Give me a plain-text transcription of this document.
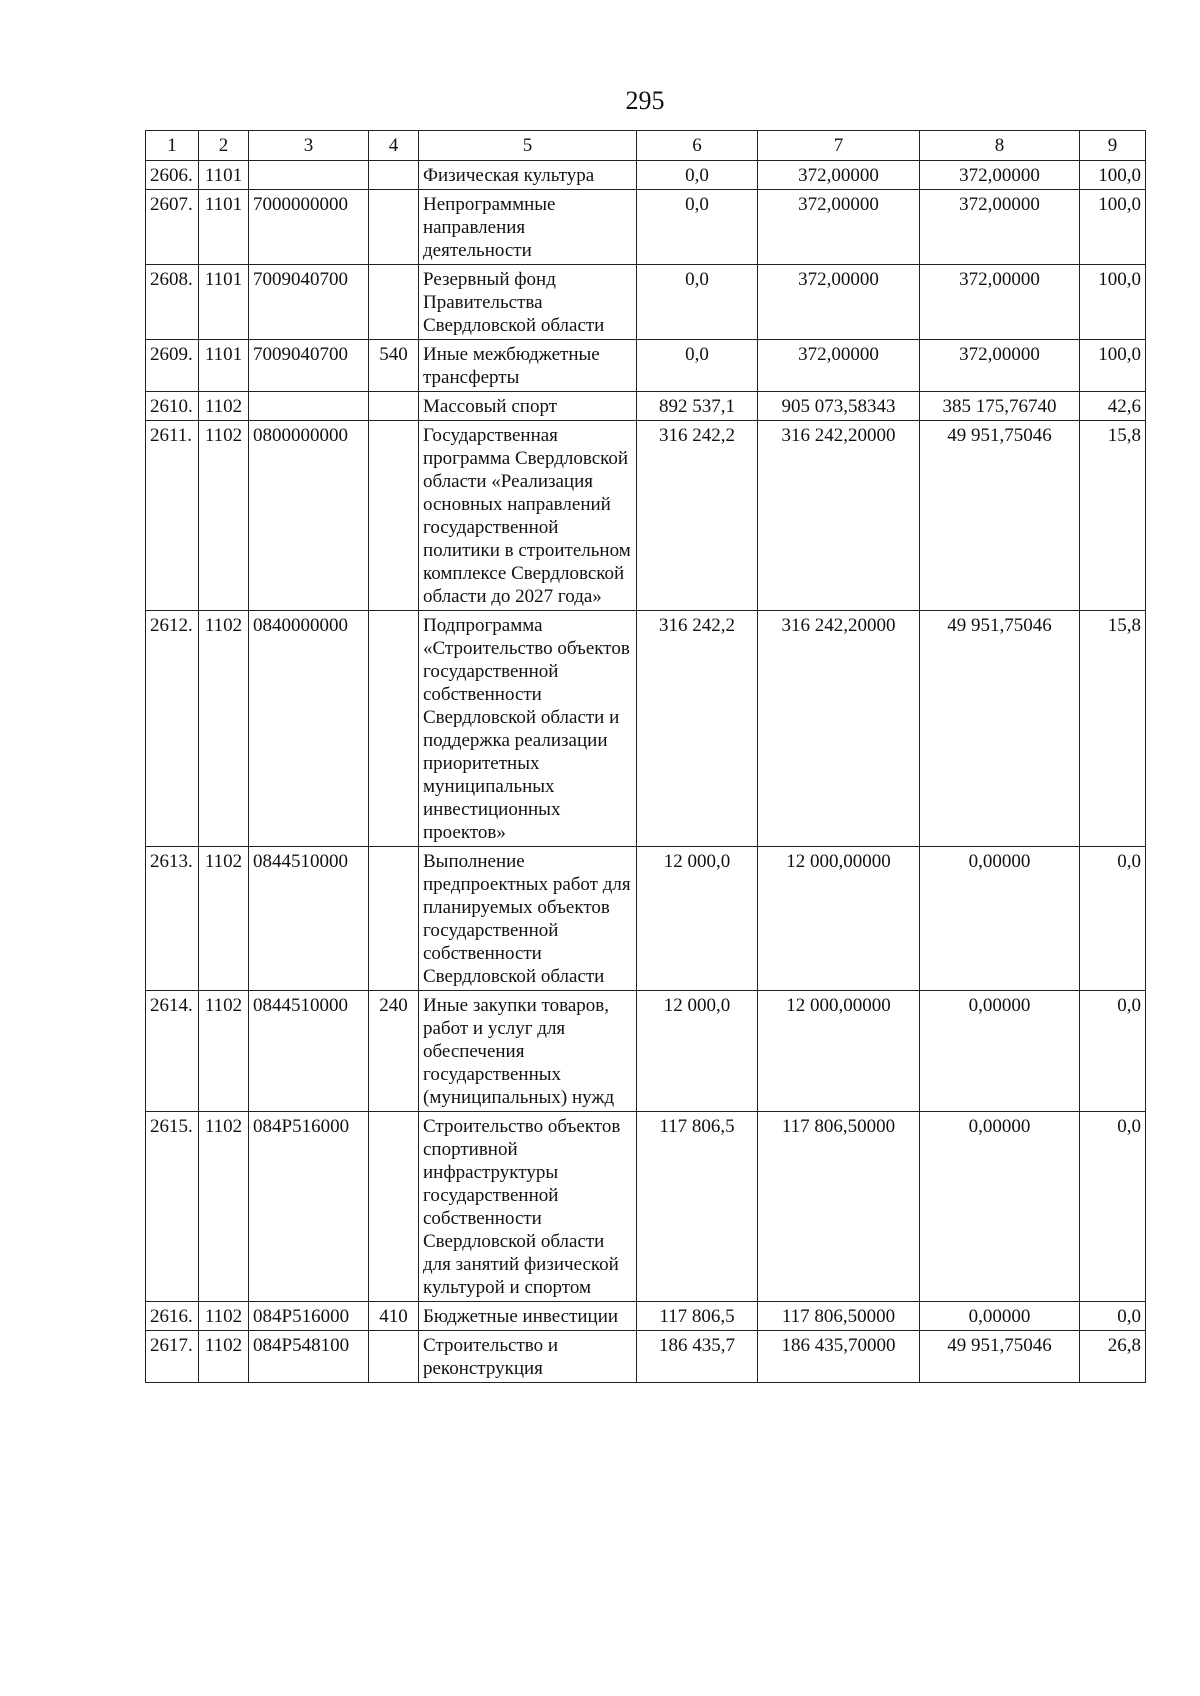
295
1	2	3	4	5	6	7	8	9
2606.	1101			Физическая культура	0,0	372,00000	372,00000	100,0
2607.	1101	7000000000		Непрограммные направления деятельности	0,0	372,00000	372,00000	100,0
2608.	1101	7009040700		Резервный фонд Правительства Свердловской области	0,0	372,00000	372,00000	100,0
2609.	1101	7009040700	540	Иные межбюджетные трансферты	0,0	372,00000	372,00000	100,0
2610.	1102			Массовый спорт	892 537,1	905 073,58343	385 175,76740	42,6
2611.	1102	0800000000		Государственная программа Свердловской области «Реализация основных направлений государственной политики в строительном комплексе Свердловской области до 2027 года»	316 242,2	316 242,20000	49 951,75046	15,8
2612.	1102	0840000000		Подпрограмма «Строительство объектов государственной собственности Свердловской области и поддержка реализации приоритетных муниципальных инвестиционных проектов»	316 242,2	316 242,20000	49 951,75046	15,8
2613.	1102	0844510000		Выполнение предпроектных работ для планируемых объектов государственной собственности Свердловской области	12 000,0	12 000,00000	0,00000	0,0
2614.	1102	0844510000	240	Иные закупки товаров, работ и услуг для обеспечения государственных (муниципальных) нужд	12 000,0	12 000,00000	0,00000	0,0
2615.	1102	084P516000		Строительство объектов спортивной инфраструктуры государственной собственности Свердловской области для занятий физической культурой и спортом	117 806,5	117 806,50000	0,00000	0,0
2616.	1102	084P516000	410	Бюджетные инвестиции	117 806,5	117 806,50000	0,00000	0,0
2617.	1102	084P548100		Строительство и реконструкция	186 435,7	186 435,70000	49 951,75046	26,8
